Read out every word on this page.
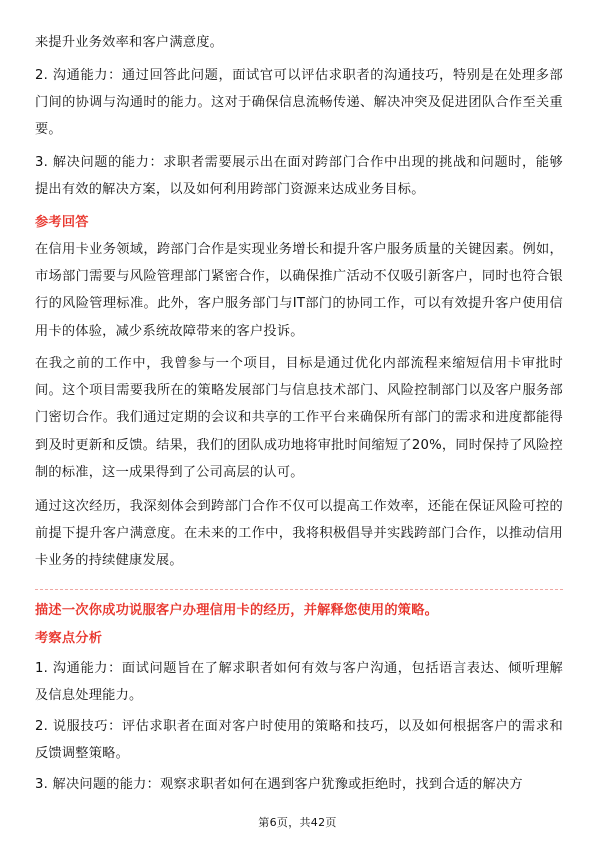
来提升业务效率和客户满意度。
2. 沟通能力：通过回答此问题，面试官可以评估求职者的沟通技巧，特别是在处理多部门间的协调与沟通时的能力。这对于确保信息流畅传递、解决冲突及促进团队合作至关重要。
3. 解决问题的能力：求职者需要展示出在面对跨部门合作中出现的挑战和问题时，能够提出有效的解决方案，以及如何利用跨部门资源来达成业务目标。
参考回答
在信用卡业务领域，跨部门合作是实现业务增长和提升客户服务质量的关键因素。例如，市场部门需要与风险管理部门紧密合作，以确保推广活动不仅吸引新客户，同时也符合银行的风险管理标准。此外，客户服务部门与IT部门的协同工作，可以有效提升客户使用信用卡的体验，减少系统故障带来的客户投诉。
在我之前的工作中，我曾参与一个项目，目标是通过优化内部流程来缩短信用卡审批时间。这个项目需要我所在的策略发展部门与信息技术部门、风险控制部门以及客户服务部门密切合作。我们通过定期的会议和共享的工作平台来确保所有部门的需求和进度都能得到及时更新和反馈。结果，我们的团队成功地将审批时间缩短了20%，同时保持了风险控制的标准，这一成果得到了公司高层的认可。
通过这次经历，我深刻体会到跨部门合作不仅可以提高工作效率，还能在保证风险可控的前提下提升客户满意度。在未来的工作中，我将积极倡导并实践跨部门合作，以推动信用卡业务的持续健康发展。
描述一次你成功说服客户办理信用卡的经历，并解释您使用的策略。
考察点分析
1. 沟通能力：面试问题旨在了解求职者如何有效与客户沟通，包括语言表达、倾听理解及信息处理能力。
2. 说服技巧：评估求职者在面对客户时使用的策略和技巧，以及如何根据客户的需求和反馈调整策略。
3. 解决问题的能力：观察求职者如何在遇到客户犹豫或拒绝时，找到合适的解决方
第6页，共42页
